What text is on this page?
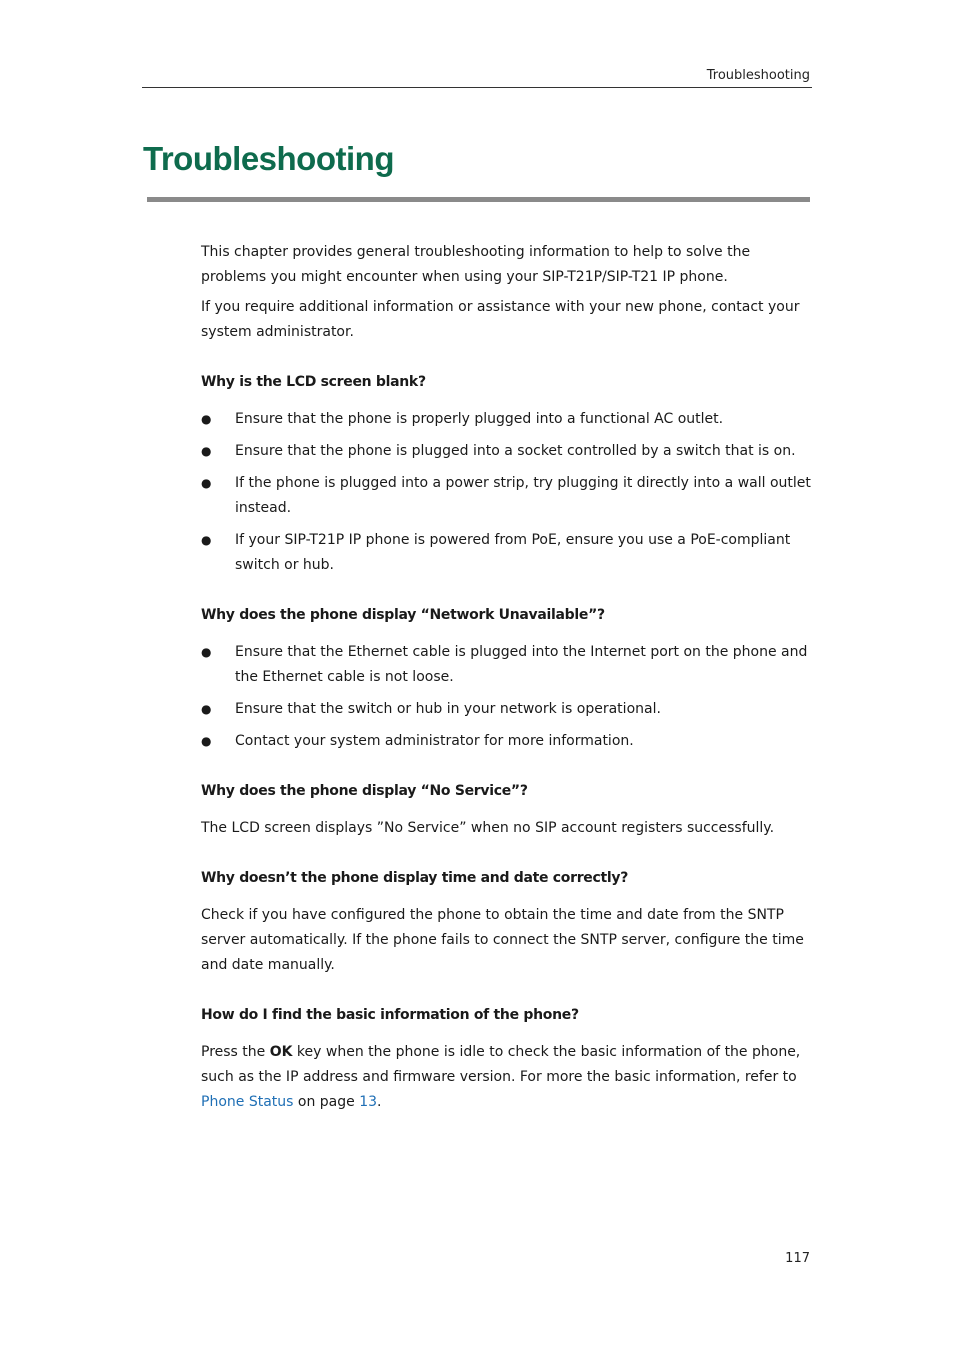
Troubleshooting
Troubleshooting

This chapter provides general troubleshooting information to help to solve the problems you might encounter when using your SIP-T21P/SIP-T21 IP phone.

If you require additional information or assistance with your new phone, contact your system administrator.

Why is the LCD screen blank?

● Ensure that the phone is properly plugged into a functional AC outlet.
● Ensure that the phone is plugged into a socket controlled by a switch that is on.
● If the phone is plugged into a power strip, try plugging it directly into a wall outlet instead.
● If your SIP-T21P IP phone is powered from PoE, ensure you use a PoE-compliant switch or hub.

Why does the phone display “Network Unavailable”?

● Ensure that the Ethernet cable is plugged into the Internet port on the phone and the Ethernet cable is not loose.
● Ensure that the switch or hub in your network is operational.
● Contact your system administrator for more information.

Why does the phone display “No Service”?

The LCD screen displays ”No Service” when no SIP account registers successfully.

Why doesn’t the phone display time and date correctly?

Check if you have configured the phone to obtain the time and date from the SNTP server automatically. If the phone fails to connect the SNTP server, configure the time and date manually.

How do I find the basic information of the phone?

Press the OK key when the phone is idle to check the basic information of the phone, such as the IP address and firmware version. For more the basic information, refer to Phone Status on page 13.

117
